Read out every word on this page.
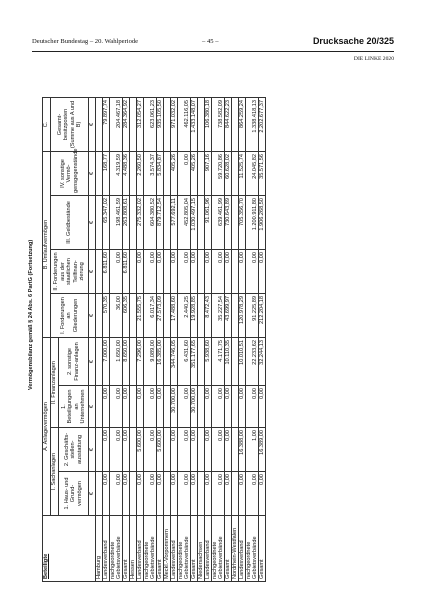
Deutscher Bundestag – 20. Wahlperiode	– 45 –	Drucksache 20/325
DIE LINKE 2020
Vermögensbilanz gemäß § 24 Abs. 6 PartG (Fortsetzung)
Beteiligte	A. Anlagevermögen				B. Umlaufvermögen				C.
	I. Sachanlagen		II. Finanzanlagen		I. Forderungen an Gliederungen	II. Forderungen aus der staatlichen Teilfinan-zierung	III. Geldbestände	IV. sonstige Vermö-gensgegenstände	Gesamt-besitzposten (Summe aus A und B)
	1. Haus- und Grund-vermögen	2. Geschäfts-stellen-ausstattung	1. Beteiligungen an Unternehmen	2. sonstige Finanz-anlagen					
	€	€	€	€	€	€	€	€	€
Hamburg									
Landesverband	0,00	0,00	0,00	7.000,00	570,35	6.811,60	65.347,02	168,77	79.897,74
nachgeordnete Gebietsverbände	0,00	0,00	0,00	1.650,00	36,00	0,00	198.461,59	4.319,59	204.467,18
Gesamt	0,00	0,00	0,00	8.650,00	606,35	6.811,60	263.808,61	4.488,36	284.364,92
Hessen									
Landesverband	0,00	5.600,00	0,00	7.296,00	21.555,75	0,00	275.332,02	2.260,50	312.054,27
nachgeordnete Gebietsverbände	0,00	0,00	0,00	9.089,00	6.017,34	0,00	604.380,52	3.574,37	623.061,23
Gesamt	0,00	5.600,00	0,00	16.385,00	27.573,09	0,00	879.712,54	5.834,87	935.105,50
Meckl.-Vorpommern									
Landesverband	0,00	0,00	30.700,00	344.746,05	17.488,60	0,00	577.692,11	405,26	971.032,02
nachgeordnete Gebietsverbände	0,00	0,00	0,00	6.431,60	2.440,25	0,00	452.805,04	0,00	462.116,05
Gesamt	0,00	0,00	30.700,00	351.177,65	19.928,85	0,00	1.030.497,15	405,26	1.433.148,07
Niedersachsen									
Landesverband	0,00	0,00	0,00	5.938,60	8.472,43	0,00	91.061,96	907,16	106.380,18
nachgeordnete Gebietsverbände	0,00	0,00	0,00	4.171,75	35.227,54	0,00	639.461,99	59.720,86	738.582,09
Gesamt	0,00	0,00	0,00	10.110,35	43.699,97	0,00	730.643,89	60.628,02	844.622,23
Nordrhein-Westfalen									
Landesverband	0,00	16.388,00	0,00	10.010,51	120.978,29	0,00	705.356,70	11.525,74	864.259,24
nachgeordnete Gebietsverbände	0,00	1,00	0,00	22.233,62	91.225,89	0,00	1.200.911,80	24.045,82	1.338.418,13
Gesamt	0,00	16.389,00	0,00	32.244,13	212.204,18	0,00	1.906.268,50	35.571,56	2.202.677,37
